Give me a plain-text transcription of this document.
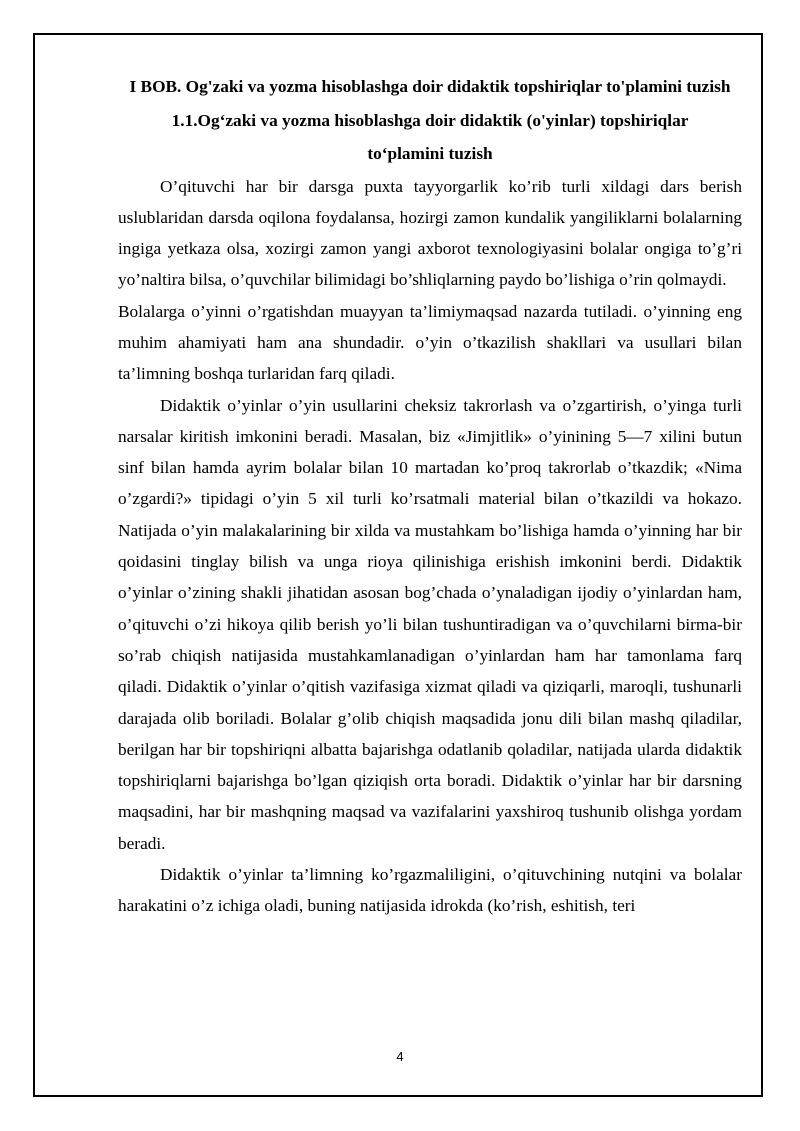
I BOB. Og'zaki va yozma hisoblashga doir didaktik topshiriqlar to'plamini tuzish
1.1.Og‘zaki va yozma hisoblashga doir didaktik (o'yinlar) topshiriqlar to‘plamini tuzish

O’qituvchi har bir darsga puxta tayyorgarlik ko’rib turli xildagi dars berish uslublaridan darsda oqilona foydalansa, hozirgi zamon kundalik yangiliklarni bolalarning ingiga yetkaza olsa, xozirgi zamon yangi axborot texnologiyasini bolalar ongiga to’g’ri yo’naltira bilsa, o’quvchilar bilimidagi bo’shliqlarning paydo bo’lishiga o’rin qolmaydi.

Bolalarga o’yinni o’rgatishdan muayyan ta’limiymaqsad nazarda tutiladi. o’yinning eng muhim ahamiyati ham ana shundadir. o’yin o’tkazilish shakllari va usullari bilan ta’limning boshqa turlaridan farq qiladi.

Didaktik o’yinlar o’yin usullarini cheksiz takrorlash va o’zgartirish, o’yinga turli narsalar kiritish imkonini beradi. Masalan, biz «Jimjitlik» o’yinining 5—7 xilini butun sinf bilan hamda ayrim bolalar bilan 10 martadan ko’proq takrorlab o’tkazdik; «Nima o’zgardi?» tipidagi o’yin 5 xil turli ko’rsatmali material bilan o’tkazildi va hokazo. Natijada o’yin malakalarining bir xilda va mustahkam bo’lishiga hamda o’yinning har bir qoidasini tinglay bilish va unga rioya qilinishiga erishish imkonini berdi. Didaktik o’yinlar o’zining shakli jihatidan asosan bog’chada o’ynaladigan ijodiy o’yinlardan ham, o’qituvchi o’zi hikoya qilib berish yo’li bilan tushuntiradigan va o’quvchilarni birma-bir so’rab chiqish natijasida mustahkamlanadigan o’yinlardan ham har tamonlama farq qiladi. Didaktik o’yinlar o’qitish vazifasiga xizmat qiladi va qiziqarli, maroqli, tushunarli darajada olib boriladi. Bolalar g’olib chiqish maqsadida jonu dili bilan mashq qiladilar, berilgan har bir topshiriqni albatta bajarishga odatlanib qoladilar, natijada ularda didaktik topshiriqlarni bajarishga bo’lgan qiziqish orta boradi. Didaktik o’yinlar har bir darsning maqsadini, har bir mashqning maqsad va vazifalarini yaxshiroq tushunib olishga yordam beradi.

Didaktik o’yinlar ta’limning ko’rgazmaliligini, o’qituvchining nutqini va bolalar harakatini o’z ichiga oladi, buning natijasida idrokda (ko’rish, eshitish, teri

4
